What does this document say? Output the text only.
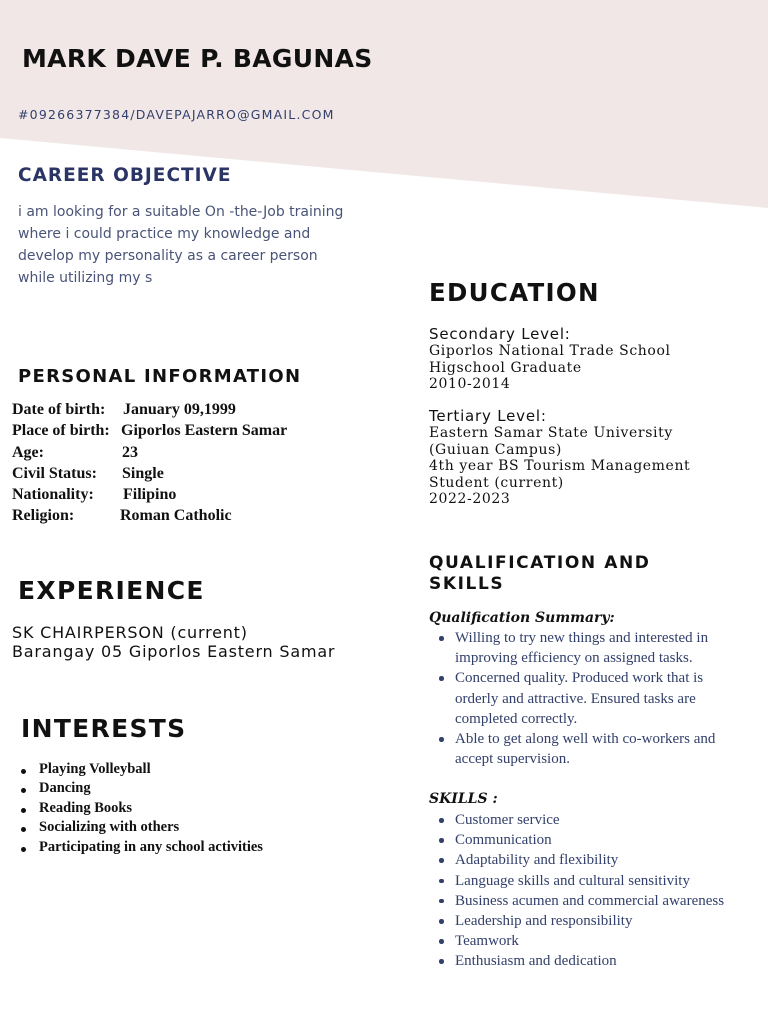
MARK DAVE P. BAGUNAS
#09266377384/DAVEPAJARRO@GMAIL.COM
CAREER OBJECTIVE
i am looking for a suitable On -the-Job training where i could practice my knowledge and develop my personality as a career person while utilizing my s	EDUCATION
Secondary Level:
Giporlos National Trade School
Higschool Graduate
2010-2014
Tertiary Level:
Eastern Samar State University
(Guiuan Campus)
4th year BS Tourism Management
Student (current)
2022-2023
PERSONAL INFORMATION
Date of birth: January 09,1999
Place of birth: Giporlos Eastern Samar
Age:	23
Civil Status: Single
Nationality: Filipino
Religion:	Roman Catholic
EXPERIENCE
SK CHAIRPERSON (current)
Barangay 05 Giporlos Eastern Samar
INTERESTS
Playing Volleyball
Dancing
Reading Books
Socializing with others
Participating in any school activities
QUALIFICATION AND SKILLS
Qualification Summary:
Willing to try new things and interested in improving efficiency on assigned tasks.
Concerned quality. Produced work that is orderly and attractive. Ensured tasks are completed correctly.
Able to get along well with co-workers and accept supervision.
SKILLS :
Customer service
Communication
Adaptability and flexibility
Language skills and cultural sensitivity
Business acumen and commercial awareness
Leadership and responsibility
Teamwork
Enthusiasm and dedication
